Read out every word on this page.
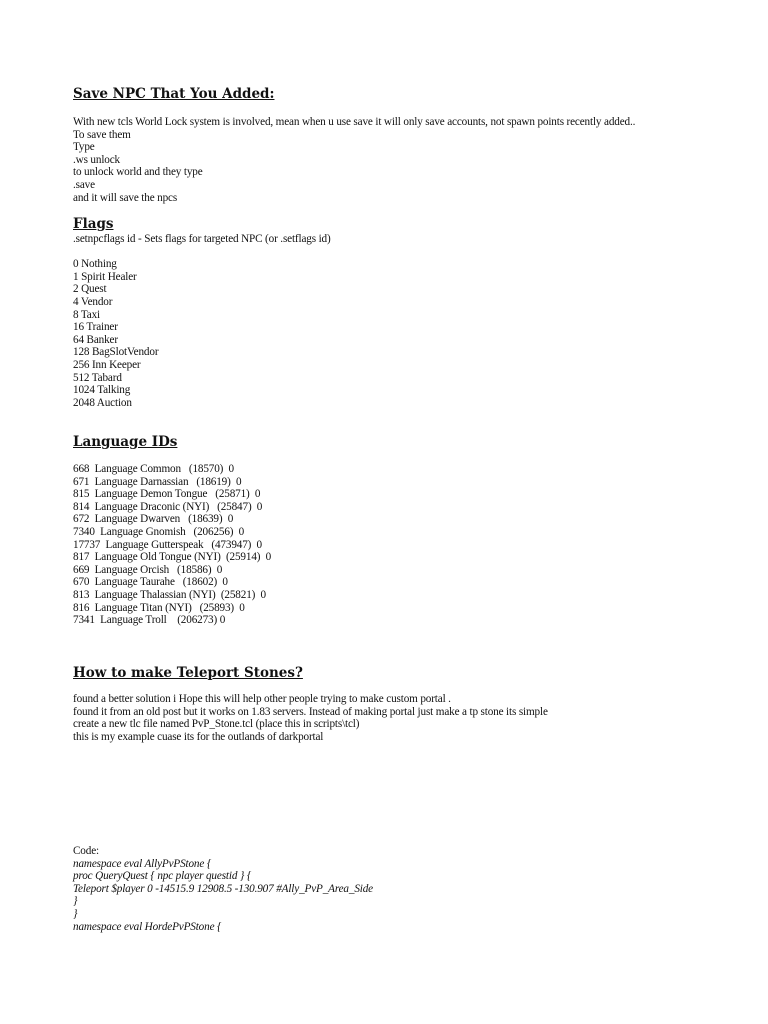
Save NPC That You Added:
With new tcls World Lock system is involved, mean when u use save it will only save accounts, not spawn points recently added..
To save them
Type
.ws unlock
to unlock world and they type
.save
and it will save the npcs
Flags
.setnpcflags id - Sets flags for targeted NPC (or .setflags id)
0 Nothing
1 Spirit Healer
2 Quest
4 Vendor
8 Taxi
16 Trainer
64 Banker
128 BagSlotVendor
256 Inn Keeper
512 Tabard
1024 Talking
2048 Auction
Language IDs
668  Language Common   (18570)  0
671  Language Darnassian   (18619)  0
815  Language Demon Tongue   (25871)  0
814  Language Draconic (NYI)   (25847)  0
672  Language Dwarven   (18639)  0
7340  Language Gnomish   (206256)  0
17737  Language Gutterspeak   (473947)  0
817  Language Old Tongue (NYI)  (25914)  0
669  Language Orcish   (18586)  0
670  Language Taurahe   (18602)  0
813  Language Thalassian (NYI)  (25821)  0
816  Language Titan (NYI)   (25893)  0
7341  Language Troll    (206273) 0
How to make Teleport Stones?
found a better solution i Hope this will help other people trying to make custom portal .
found it from an old post but it works on 1.83 servers. Instead of making portal just make a tp stone its simple
create a new tlc file named PvP_Stone.tcl (place this in scripts\tcl)
this is my example cuase its for the outlands of darkportal
Code:
namespace eval AllyPvPStone {
proc QueryQuest { npc player questid } {
Teleport $player 0 -14515.9 12908.5 -130.907 #Ally_PvP_Area_Side
}
}
namespace eval HordePvPStone {
